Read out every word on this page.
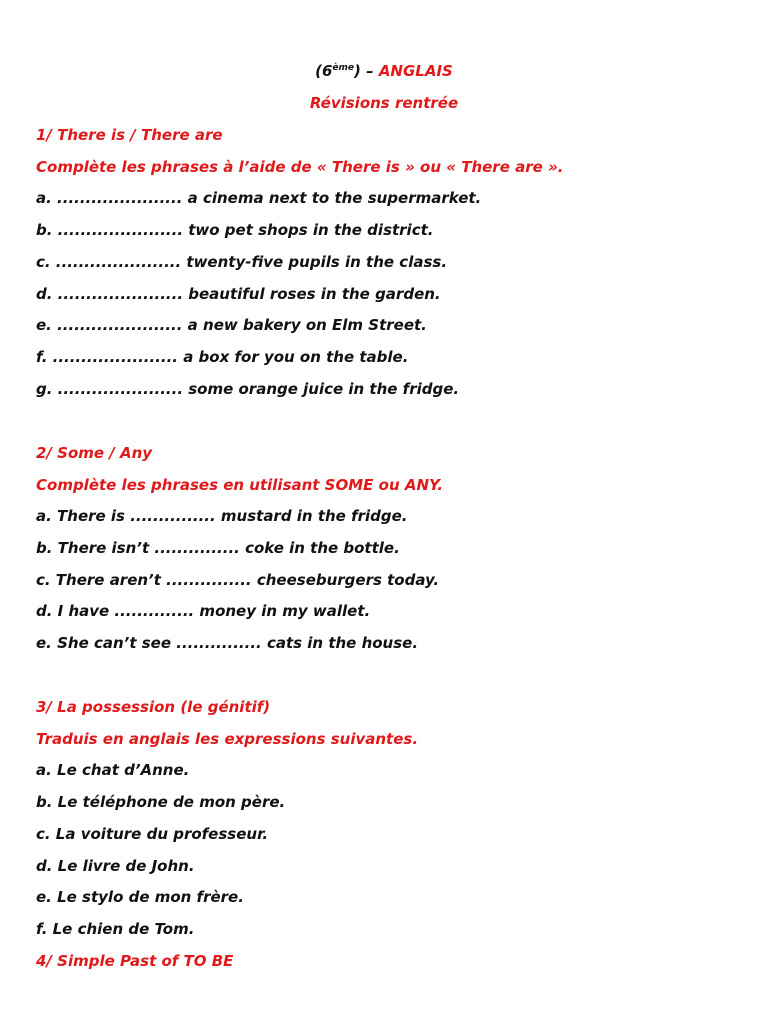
(6ème) – ANGLAIS
Révisions rentrée
1/ There is / There are
Complète les phrases à l’aide de « There is » ou « There are ».
a. ...................... a cinema next to the supermarket.
b. ...................... two pet shops in the district.
c. ...................... twenty-five pupils in the class.
d. ...................... beautiful roses in the garden.
e. ...................... a new bakery on Elm Street.
f. ...................... a box for you on the table.
g. ...................... some orange juice in the fridge.
2/ Some / Any
Complète les phrases en utilisant SOME ou ANY.
a. There is ............... mustard in the fridge.
b. There isn’t ............... coke in the bottle.
c. There aren’t ............... cheeseburgers today.
d. I have .............. money in my wallet.
e. She can’t see ............... cats in the house.
3/ La possession (le génitif)
Traduis en anglais les expressions suivantes.
a. Le chat d’Anne.
b. Le téléphone de mon père.
c. La voiture du professeur.
d. Le livre de John.
e. Le stylo de mon frère.
f. Le chien de Tom.
4/ Simple Past of TO BE
